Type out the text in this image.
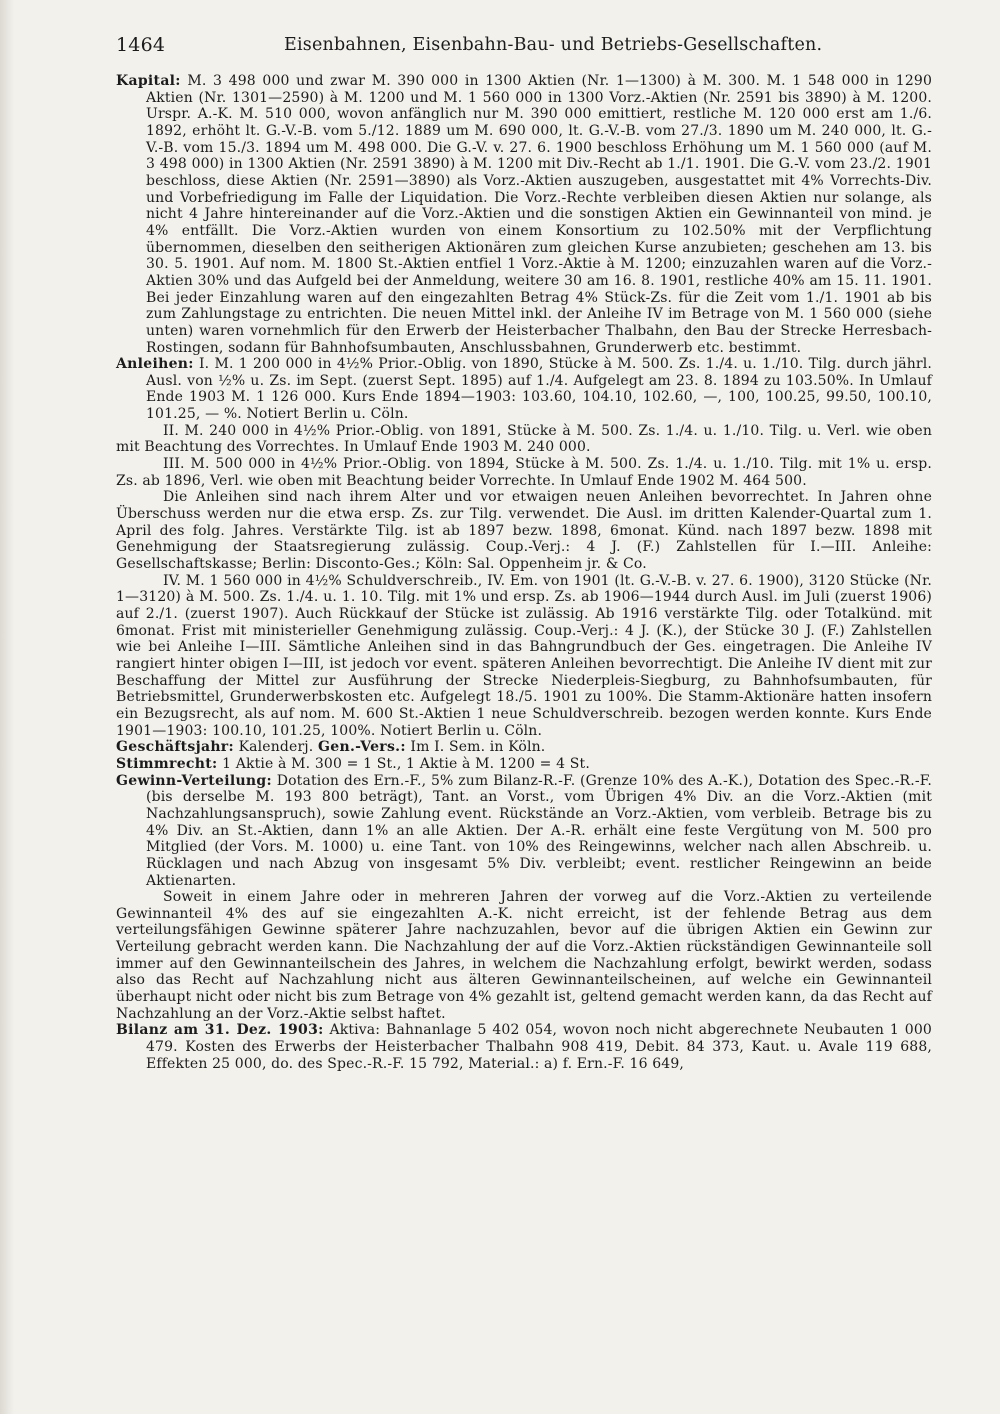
1464	Eisenbahnen, Eisenbahn-Bau- und Betriebs-Gesellschaften.

Kapital: M. 3 498 000 und zwar M. 390 000 in 1300 Aktien (Nr. 1—1300) à M. 300. M. 1 548 000 in 1290 Aktien (Nr. 1301—2590) à M. 1200 und M. 1 560 000 in 1300 Vorz.-Aktien (Nr. 2591 bis 3890) à M. 1200. Urspr. A.-K. M. 510 000, wovon anfänglich nur M. 390 000 emittiert, restliche M. 120 000 erst am 1./6. 1892, erhöht lt. G.-V.-B. vom 5./12. 1889 um M. 690 000, lt. G.-V.-B. vom 27./3. 1890 um M. 240 000, lt. G.-V.-B. vom 15./3. 1894 um M. 498 000. Die G.-V. v. 27. 6. 1900 beschloss Erhöhung um M. 1 560 000 (auf M. 3 498 000) in 1300 Aktien (Nr. 2591 3890) à M. 1200 mit Div.-Recht ab 1./1. 1901. Die G.-V. vom 23./2. 1901 beschloss, diese Aktien (Nr. 2591—3890) als Vorz.-Aktien auszugeben, ausgestattet mit 4% Vorrechts-Div. und Vorbefriedigung im Falle der Liquidation. Die Vorz.-Rechte verbleiben diesen Aktien nur solange, als nicht 4 Jahre hintereinander auf die Vorz.-Aktien und die sonstigen Aktien ein Gewinnanteil von mind. je 4% entfällt. Die Vorz.-Aktien wurden von einem Konsortium zu 102.50% mit der Verpflichtung übernommen, dieselben den seitherigen Aktionären zum gleichen Kurse anzubieten; geschehen am 13. bis 30. 5. 1901. Auf nom. M. 1800 St.-Aktien entfiel 1 Vorz.-Aktie à M. 1200; einzuzahlen waren auf die Vorz.-Aktien 30% und das Aufgeld bei der Anmeldung, weitere 30 am 16. 8. 1901, restliche 40% am 15. 11. 1901. Bei jeder Einzahlung waren auf den eingezahlten Betrag 4% Stück-Zs. für die Zeit vom 1./1. 1901 ab bis zum Zahlungstage zu entrichten. Die neuen Mittel inkl. der Anleihe IV im Betrage von M. 1 560 000 (siehe unten) waren vornehmlich für den Erwerb der Heisterbacher Thalbahn, den Bau der Strecke Herresbach-Rostingen, sodann für Bahnhofsumbauten, Anschlussbahnen, Grunderwerb etc. bestimmt.

Anleihen: I. M. 1 200 000 in 4½% Prior.-Oblig. von 1890, Stücke à M. 500. Zs. 1./4. u. 1./10. Tilg. durch jährl. Ausl. von ½% u. Zs. im Sept. (zuerst Sept. 1895) auf 1./4. Aufgelegt am 23. 8. 1894 zu 103.50%. In Umlauf Ende 1903 M. 1 126 000. Kurs Ende 1894—1903: 103.60, 104.10, 102.60, —, 100, 100.25, 99.50, 100.10, 101.25, — %. Notiert Berlin u. Cöln.

II. M. 240 000 in 4½% Prior.-Oblig. von 1891, Stücke à M. 500. Zs. 1./4. u. 1./10. Tilg. u. Verl. wie oben mit Beachtung des Vorrechtes. In Umlauf Ende 1903 M. 240 000.

III. M. 500 000 in 4½% Prior.-Oblig. von 1894, Stücke à M. 500. Zs. 1./4. u. 1./10. Tilg. mit 1% u. ersp. Zs. ab 1896, Verl. wie oben mit Beachtung beider Vorrechte. In Umlauf Ende 1902 M. 464 500.

Die Anleihen sind nach ihrem Alter und vor etwaigen neuen Anleihen bevorrechtet. In Jahren ohne Überschuss werden nur die etwa ersp. Zs. zur Tilg. verwendet. Die Ausl. im dritten Kalender-Quartal zum 1. April des folg. Jahres. Verstärkte Tilg. ist ab 1897 bezw. 1898, 6monat. Künd. nach 1897 bezw. 1898 mit Genehmigung der Staatsregierung zulässig. Coup.-Verj.: 4 J. (F.) Zahlstellen für I.—III. Anleihe: Gesellschaftskasse; Berlin: Disconto-Ges.; Köln: Sal. Oppenheim jr. & Co.

IV. M. 1 560 000 in 4½% Schuldverschreib., IV. Em. von 1901 (lt. G.-V.-B. v. 27. 6. 1900), 3120 Stücke (Nr. 1—3120) à M. 500. Zs. 1./4. u. 1. 10. Tilg. mit 1% und ersp. Zs. ab 1906—1944 durch Ausl. im Juli (zuerst 1906) auf 2./1. (zuerst 1907). Auch Rückkauf der Stücke ist zulässig. Ab 1916 verstärkte Tilg. oder Totalkünd. mit 6monat. Frist mit ministerieller Genehmigung zulässig. Coup.-Verj.: 4 J. (K.), der Stücke 30 J. (F.) Zahlstellen wie bei Anleihe I—III. Sämtliche Anleihen sind in das Bahngrundbuch der Ges. eingetragen. Die Anleihe IV rangiert hinter obigen I—III, ist jedoch vor event. späteren Anleihen bevorrechtigt. Die Anleihe IV dient mit zur Beschaffung der Mittel zur Ausführung der Strecke Niederpleis-Siegburg, zu Bahnhofsumbauten, für Betriebsmittel, Grunderwerbskosten etc. Aufgelegt 18./5. 1901 zu 100%. Die Stamm-Aktionäre hatten insofern ein Bezugsrecht, als auf nom. M. 600 St.-Aktien 1 neue Schuldverschreib. bezogen werden konnte. Kurs Ende 1901—1903: 100.10, 101.25, 100%. Notiert Berlin u. Cöln.

Geschäftsjahr: Kalenderj. Gen.-Vers.: Im I. Sem. in Köln.

Stimmrecht: 1 Aktie à M. 300 = 1 St., 1 Aktie à M. 1200 = 4 St.

Gewinn-Verteilung: Dotation des Ern.-F., 5% zum Bilanz-R.-F. (Grenze 10% des A.-K.), Dotation des Spec.-R.-F. (bis derselbe M. 193 800 beträgt), Tant. an Vorst., vom Übrigen 4% Div. an die Vorz.-Aktien (mit Nachzahlungsanspruch), sowie Zahlung event. Rückstände an Vorz.-Aktien, vom verbleib. Betrage bis zu 4% Div. an St.-Aktien, dann 1% an alle Aktien. Der A.-R. erhält eine feste Vergütung von M. 500 pro Mitglied (der Vors. M. 1000) u. eine Tant. von 10% des Reingewinns, welcher nach allen Abschreib. u. Rücklagen und nach Abzug von insgesamt 5% Div. verbleibt; event. restlicher Reingewinn an beide Aktienarten.

Soweit in einem Jahre oder in mehreren Jahren der vorweg auf die Vorz.-Aktien zu verteilende Gewinnanteil 4% des auf sie eingezahlten A.-K. nicht erreicht, ist der fehlende Betrag aus dem verteilungsfähigen Gewinne späterer Jahre nachzuzahlen, bevor auf die übrigen Aktien ein Gewinn zur Verteilung gebracht werden kann. Die Nachzahlung der auf die Vorz.-Aktien rückständigen Gewinnanteile soll immer auf den Gewinnanteilschein des Jahres, in welchem die Nachzahlung erfolgt, bewirkt werden, sodass also das Recht auf Nachzahlung nicht aus älteren Gewinnanteilscheinen, auf welche ein Gewinnanteil überhaupt nicht oder nicht bis zum Betrage von 4% gezahlt ist, geltend gemacht werden kann, da das Recht auf Nachzahlung an der Vorz.-Aktie selbst haftet.

Bilanz am 31. Dez. 1903: Aktiva: Bahnanlage 5 402 054, wovon noch nicht abgerechnete Neubauten 1 000 479. Kosten des Erwerbs der Heisterbacher Thalbahn 908 419, Debit. 84 373, Kaut. u. Avale 119 688, Effekten 25 000, do. des Spec.-R.-F. 15 792, Material.: a) f. Ern.-F. 16 649,
